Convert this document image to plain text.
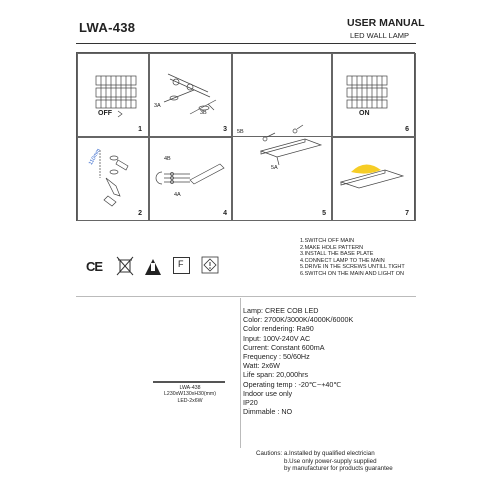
LWA-438	USER MANUAL
LED WALL LAMP
OFF
1
3A
3B
3
ON
6
110mm
2
4B
4A
4
5B
5A
5	7
1.SWITCH OFF MAIN
2.MAKE HOLE PATTERN
3.INSTALL THE BASE PLATE
4.CONNECT LAMP TO THE MAIN
5.DRIVE IN THE SCREWS UNTILL TIGHT
6.SWITCH ON THE MAIN AND LIGHT ON
CE	F
LWA-438
L230xW130xH30(mm)
LED-2x6W
Lamp: CREE COB LED
Color: 2700K/3000K/4000K/6000K
Color rendering: Ra90
Input: 100V-240V AC
Current: Constant 600mA
Frequency : 50/60Hz
Watt: 2x6W
Life span: 20,000hrs
Operating temp : -20℃~+40℃
Indoor use only
IP20
Dimmable : NO
Cautions: a.Installed by qualified electrician
b.Use only power-supply supplied
by manufacturer for products guarantee
